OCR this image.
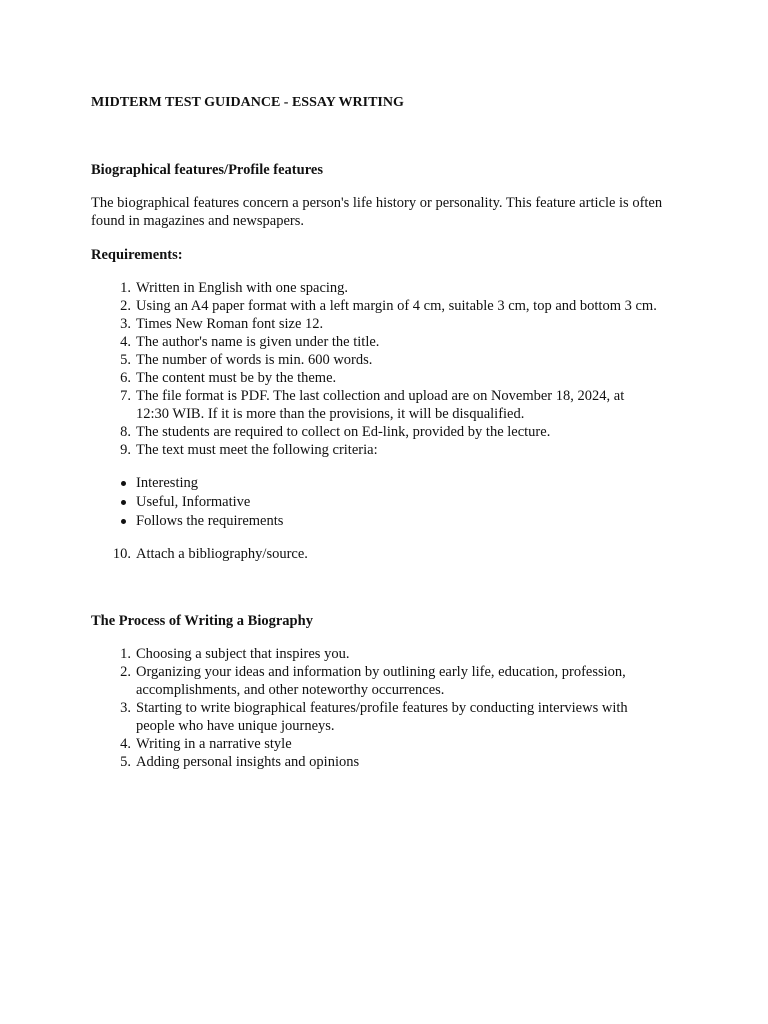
MIDTERM TEST GUIDANCE - ESSAY WRITING
Biographical features/Profile features

The biographical features concern a person's life history or personality. This feature article is often found in magazines and newspapers.

Requirements:
1. Written in English with one spacing.
2. Using an A4 paper format with a left margin of 4 cm, suitable 3 cm, top and bottom 3 cm.
3. Times New Roman font size 12.
4. The author's name is given under the title.
5. The number of words is min. 600 words.
6. The content must be by the theme.
7. The file format is PDF. The last collection and upload are on November 18, 2024, at 12:30 WIB. If it is more than the provisions, it will be disqualified.
8. The students are required to collect on Ed-link, provided by the lecture.
9. The text must meet the following criteria:
Interesting
Useful, Informative
Follows the requirements
10. Attach a bibliography/source.
The Process of Writing a Biography
1. Choosing a subject that inspires you.
2. Organizing your ideas and information by outlining early life, education, profession, accomplishments, and other noteworthy occurrences.
3. Starting to write biographical features/profile features by conducting interviews with people who have unique journeys.
4. Writing in a narrative style
5. Adding personal insights and opinions
